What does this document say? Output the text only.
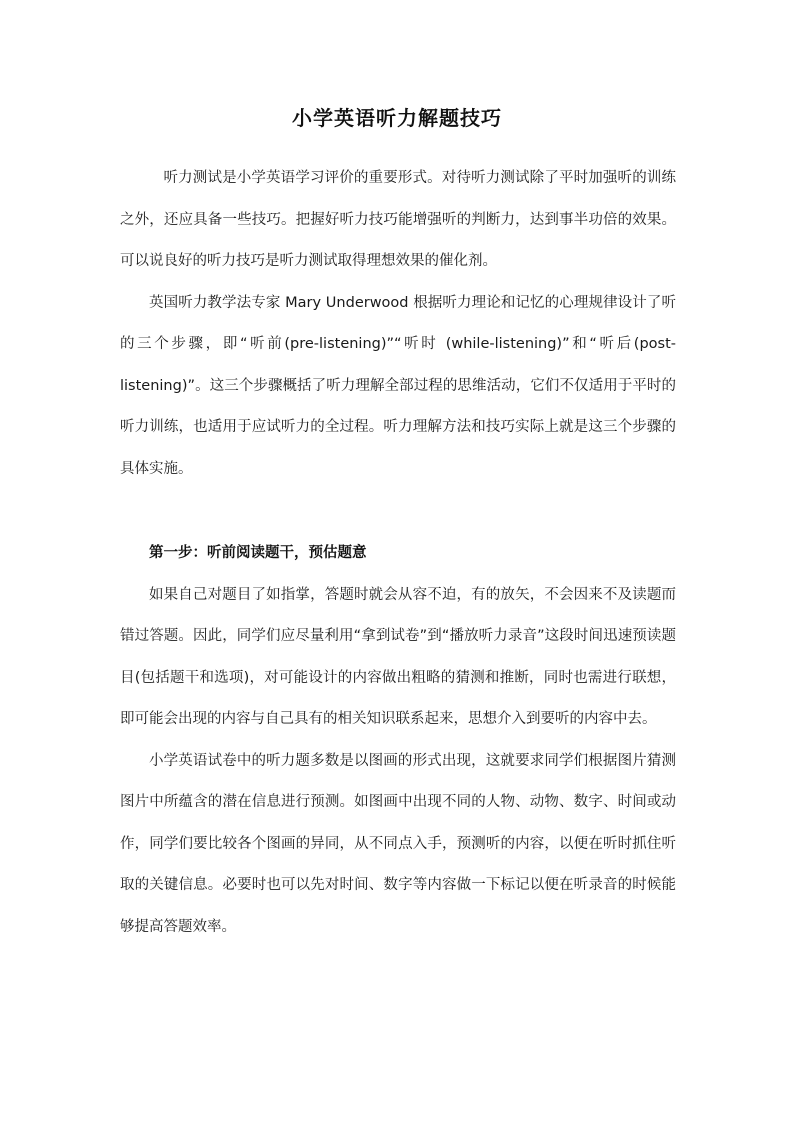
小学英语听力解题技巧

听力测试是小学英语学习评价的重要形式。对待听力测试除了平时加强听的训练之外，还应具备一些技巧。把握好听力技巧能增强听的判断力，达到事半功倍的效果。可以说良好的听力技巧是听力测试取得理想效果的催化剂。

英国听力教学法专家 Mary Underwood 根据听力理论和记忆的心理规律设计了听的三个步骤，即“听前(pre-listening)”“听时 (while-listening)”和“听后(post-listening)”。这三个步骤概括了听力理解全部过程的思维活动，它们不仅适用于平时的听力训练，也适用于应试听力的全过程。听力理解方法和技巧实际上就是这三个步骤的具体实施。

第一步：听前阅读题干，预估题意

如果自己对题目了如指掌，答题时就会从容不迫，有的放矢，不会因来不及读题而错过答题。因此，同学们应尽量利用“拿到试卷”到“播放听力录音”这段时间迅速预读题目(包括题干和选项)，对可能设计的内容做出粗略的猜测和推断，同时也需进行联想，即可能会出现的内容与自己具有的相关知识联系起来，思想介入到要听的内容中去。

小学英语试卷中的听力题多数是以图画的形式出现，这就要求同学们根据图片猜测图片中所蕴含的潜在信息进行预测。如图画中出现不同的人物、动物、数字、时间或动作，同学们要比较各个图画的异同，从不同点入手，预测听的内容，以便在听时抓住听取的关键信息。必要时也可以先对时间、数字等内容做一下标记以便在听录音的时候能够提高答题效率。
